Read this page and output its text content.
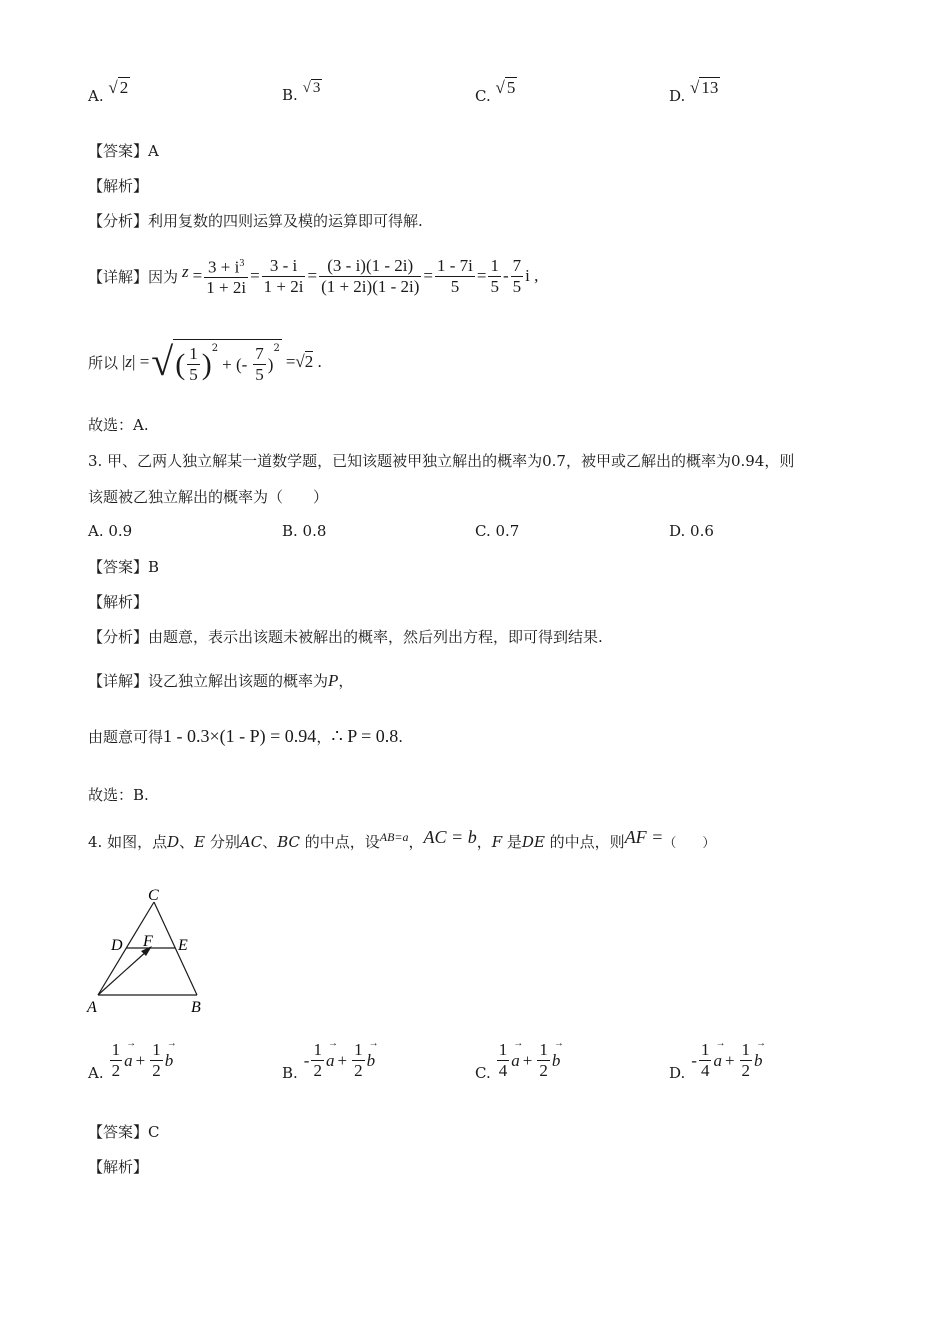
A. √ 2	B. √ 3	C. √ 5	D. √ 13
【答案】A
【解析】
【分析】利用复数的四则运算及模的运算即可得解.
【详解】 因为 $z = \frac{3 + i^3}{1 + 2i} = \frac{3 - i}{1 + 2i} = \frac{(3 - i)(1 - 2i)}{(1 + 2i)(1 - 2i)} = \frac{1 - 7i}{5} = \frac{1}{5} - \frac{7}{5}$ i ,
所以 |z| = √ ( $\frac{1}{5} )^2$
+ (- $\frac{7}{5}$ )
$^2$
=√2 .
故选：A.
3. 甲、乙两人独立解某一道数学题，已知该题被甲独立解出的概率为0.7，被甲或乙解出的概率为0.94，则
该题被乙独立解出的概率为（　　）
A. 0.9	B. 0.8	C. 0.7	D. 0.6
【答案】B
【解析】
【分析】由题意，表示出该题未被解出的概率，然后列出方程，即可得到结果.
【详解】设乙独立解出该题的概率为P，
由题意可得1 - 0.3×(1 - P) = 0.94，∴ P = 0.8.
故选：B.
4. 如图，点D、E 分别AC、BC 的中点，设$^{AB=a}$，AC = b，F 是DE 的中点，则AF =（　　）
C
D F E
A	B
A. $\frac{1}{2}$
→ $a + \frac{1}{2}$
→ b
B.
- $\frac{1}{2}$
→ $a + \frac{1}{2}$
→ b
C. $\frac{1}{4}$
→ $a + \frac{1}{2}$
→ b
D.
- $\frac{1}{4}$
→ $a + \frac{1}{2}$
→ b
【答案】C
【解析】
